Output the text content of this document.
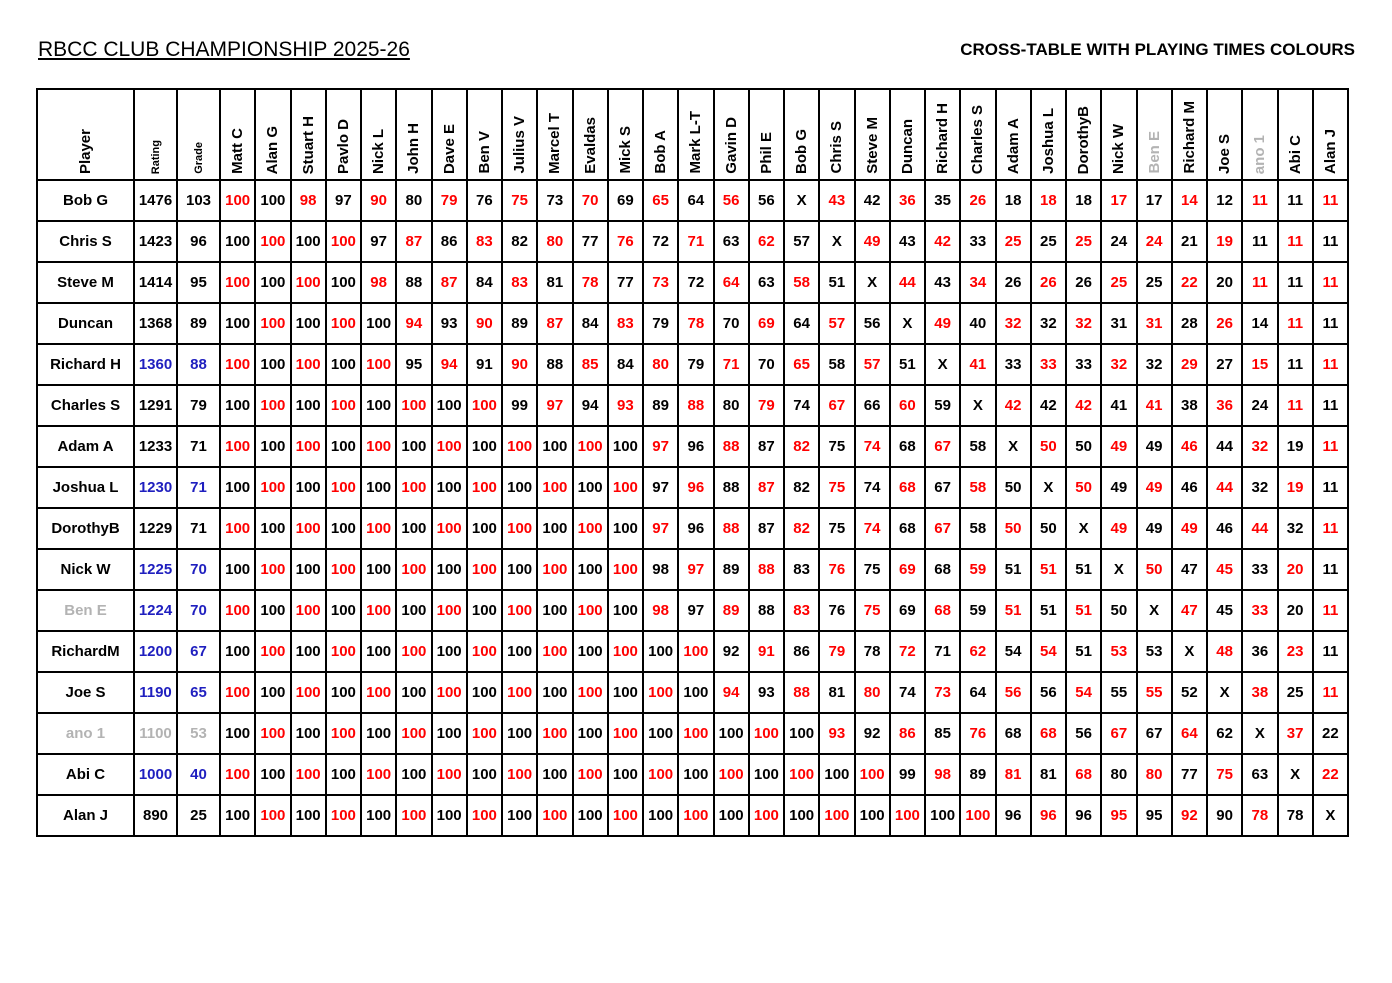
RBCC CLUB CHAMPIONSHIP 2025-26	CROSS-TABLE WITH PLAYING TIMES COLOURS
Player	Rating	Grade	Matt C	Alan G	Stuart H	Pavlo D	Nick L	John H	Dave E	Ben V	Julius V	Marcel T	Evaldas	Mick S	Bob A	Mark L-T	Gavin D	Phil E	Bob G	Chris S	Steve M	Duncan	Richard H	Charles S	Adam A	Joshua L	DorothyB	Nick W	Ben E	Richard M	Joe S	ano 1	Abi C	Alan J
Bob G	1476	103	100	100	98	97	90	80	79	76	75	73	70	69	65	64	56	56	X	43	42	36	35	26	18	18	18	17	17	14	12	11	11	11
Chris S	1423	96	100	100	100	100	97	87	86	83	82	80	77	76	72	71	63	62	57	X	49	43	42	33	25	25	25	24	24	21	19	11	11	11
Steve M	1414	95	100	100	100	100	98	88	87	84	83	81	78	77	73	72	64	63	58	51	X	44	43	34	26	26	26	25	25	22	20	11	11	11
Duncan	1368	89	100	100	100	100	100	94	93	90	89	87	84	83	79	78	70	69	64	57	56	X	49	40	32	32	32	31	31	28	26	14	11	11
Richard H	1360	88	100	100	100	100	100	95	94	91	90	88	85	84	80	79	71	70	65	58	57	51	X	41	33	33	33	32	32	29	27	15	11	11
Charles S	1291	79	100	100	100	100	100	100	100	100	99	97	94	93	89	88	80	79	74	67	66	60	59	X	42	42	42	41	41	38	36	24	11	11
Adam A	1233	71	100	100	100	100	100	100	100	100	100	100	100	100	97	96	88	87	82	75	74	68	67	58	X	50	50	49	49	46	44	32	19	11
Joshua L	1230	71	100	100	100	100	100	100	100	100	100	100	100	100	97	96	88	87	82	75	74	68	67	58	50	X	50	49	49	46	44	32	19	11
DorothyB	1229	71	100	100	100	100	100	100	100	100	100	100	100	100	97	96	88	87	82	75	74	68	67	58	50	50	X	49	49	49	46	44	32	11
Nick W	1225	70	100	100	100	100	100	100	100	100	100	100	100	100	98	97	89	88	83	76	75	69	68	59	51	51	51	X	50	47	45	33	20	11
Ben E	1224	70	100	100	100	100	100	100	100	100	100	100	100	100	98	97	89	88	83	76	75	69	68	59	51	51	51	50	X	47	45	33	20	11
RichardM	1200	67	100	100	100	100	100	100	100	100	100	100	100	100	100	100	92	91	86	79	78	72	71	62	54	54	51	53	53	X	48	36	23	11
Joe S	1190	65	100	100	100	100	100	100	100	100	100	100	100	100	100	100	94	93	88	81	80	74	73	64	56	56	54	55	55	52	X	38	25	11
ano 1	1100	53	100	100	100	100	100	100	100	100	100	100	100	100	100	100	100	100	100	93	92	86	85	76	68	68	56	67	67	64	62	X	37	22
Abi C	1000	40	100	100	100	100	100	100	100	100	100	100	100	100	100	100	100	100	100	100	100	99	98	89	81	81	68	80	80	77	75	63	X	22
Alan J	890	25	100	100	100	100	100	100	100	100	100	100	100	100	100	100	100	100	100	100	100	100	100	100	96	96	96	95	95	92	90	78	78	X
